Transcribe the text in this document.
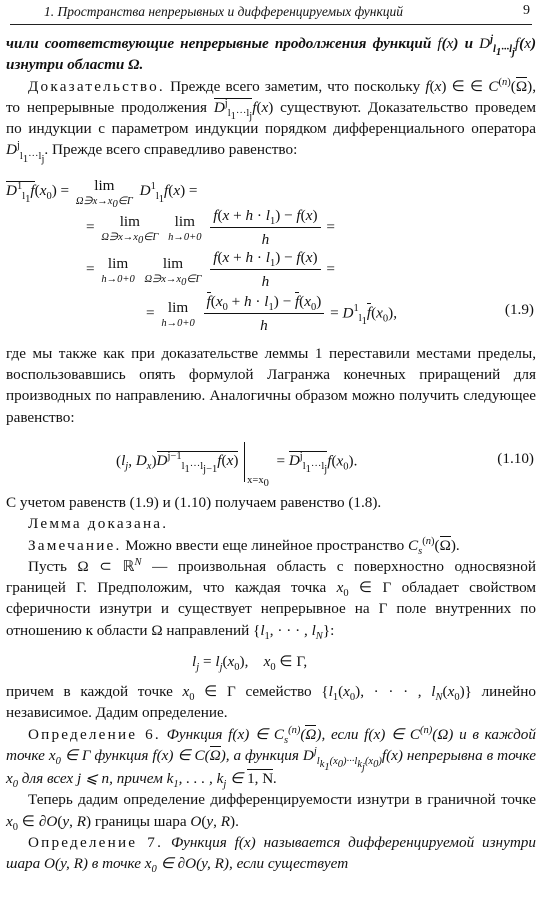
1. Пространства непрерывных и дифференцируемых функций	9

чили соответствующие непрерывные продолжения функций f(x) и $D^j_{l_1\cdot\cdot\cdot l_j}f(x)$ изнутри области Ω.

Доказательство. Прежде всего заметим, что поскольку f(x) ∈ ∈ $C^{(n)}(\Omega)$, то непрерывные продолжения $D^j_{l_1\cdot\cdot\cdot l_j}f(x)$ существуют. Доказательство проведем по индукции с параметром индукции порядком дифференциального оператора $D^j_{l_1\cdot\cdot\cdot l_j}$. Прежде всего справедливо равенство:

$D^1_{l_1}f(x_0)$ =	lim
$\Omega∋x\to x_0\in\Gamma$
$D^1_{l_1}f(x)$ =
=	lim
$\Omega∋x\to x_0\in\Gamma$

lim
h→0+0
$\frac{f(x + h \cdot l_1) - f(x)}{h}$ =
= lim
h→0+0

lim
$\Omega∋x\to x_0\in\Gamma$
$\frac{f(x + h \cdot l_1) - f(x)}{h}$ =
= lim
h→0+0
$\frac{f(x_0 + h \cdot l_1) - f(x_0)}{h} = D^1_{l_1}f(x_0)$,	(1.9)

где мы также как при доказательстве леммы 1 переставили местами пределы, воспользовавшись опять формулой Лагранжа конечных приращений для производных по направлению. Аналогичны образом можно получить следующее равенство:

($l_j$, $D_x)D^{j-1}_{l_1\cdot\cdot\cdot l_{j-1}}f(x)$ $_{x=x_0} = D^j_{l_1\cdot\cdot\cdot l_j}f(x_0)$.	(1.10)

С учетом равенств (1.9) и (1.10) получаем равенство (1.8).

Лемма доказана.

Замечание. Можно ввести еще линейное пространство $C_s^{(n)}(\Omega)$.

Пусть Ω ⊂ ℝ$^N$ — произвольная область с поверхностно односвязной границей Γ. Предположим, что каждая точка $x_0$ ∈ Γ обладает свойством сферичности изнутри и существует непрерывное на Γ поле внутренних по отношению к области Ω направлений {$l_1$, · · · , $l_N$}:

$l_j = l_j(x_0)$,    $x_0$ ∈ Γ,

причем в каждой точке $x_0$ ∈ Γ семейство {$l_1(x_0)$, · · · , $l_N(x_0)$} линейно независимое. Дадим определение.

Определение 6. Функция f(x) ∈ $C_s^{(n)}(\Omega)$, если f(x) ∈ $C^{(n)}(\Omega)$ и в каждой точке $x_0$ ∈ Γ функция f(x) ∈ C(Ω), а функция $D^j_{l_{k_1}(x_0)\cdot\cdot\cdot l_{k_j}(x_0)}f(x)$ непрерывна в точке $x_0$ для всех j ⩽ n, причем $k_1$, . . . , $k_j$ ∈ 1, N.

Теперь дадим определение дифференцируемости изнутри в граничной точке $x_0$ ∈ ∂O(y, R) границы шара O(y, R).

Определение 7. Функция f(x) называется дифференцируемой изнутри шара O(y, R) в точке $x_0$ ∈ ∂O(y, R), если существует
